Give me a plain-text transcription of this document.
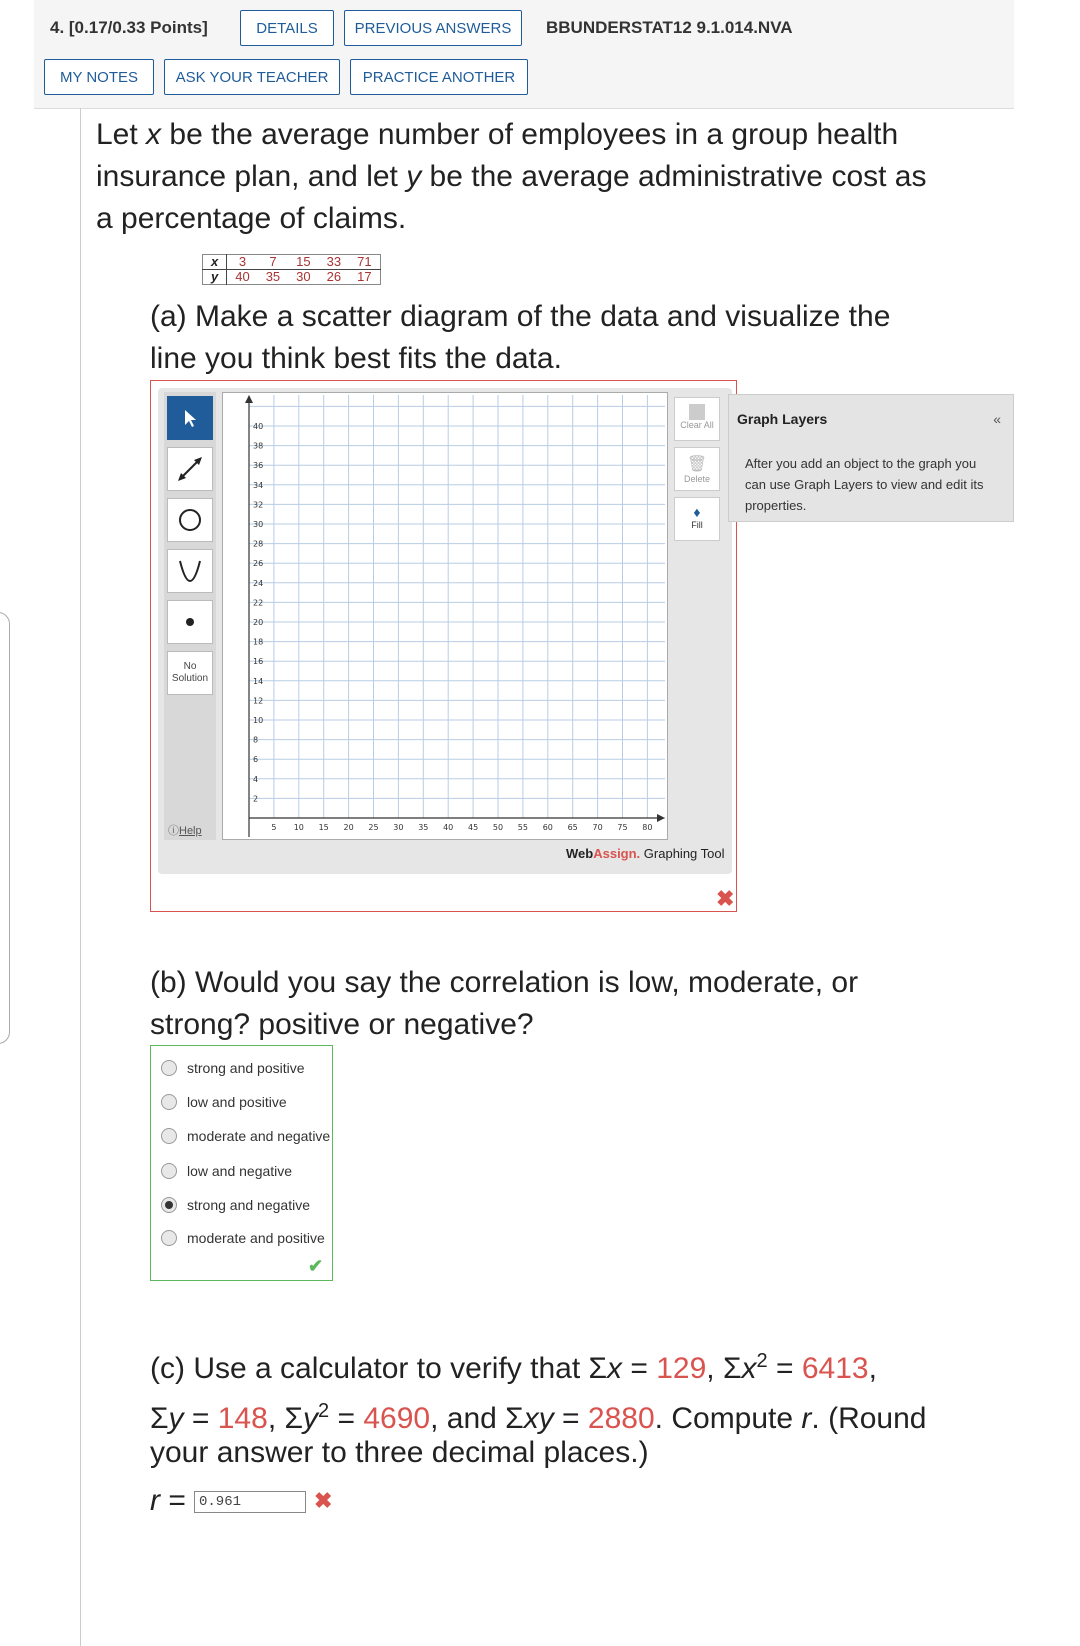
4. [0.17/0.33 Points]	DETAILS	PREVIOUS ANSWERS	BBUNDERSTAT12 9.1.014.NVA
MY NOTES	ASK YOUR TEACHER	PRACTICE ANOTHER
Let x be the average number of employees in a group health
insurance plan, and let y be the average administrative cost as
a percentage of claims.
x	3	7	15	33	71
y	40	35	30	26	17
(a) Make a scatter diagram of the data and visualize the
line you think best fits the data.
No
Solution
ⓘHelp	5 10 15 20 25 30 35 40 45 50 55 60 65 70 75 80
2
4
6
8
10
12
14
16
18
20
22
24
26
28
30
32
34
36
38
40	Clear All
🗑
Delete
♦
Fill
Graph Layers	«
After you add an object to the graph you can use Graph Layers to view and edit its properties.
WebAssign. Graphing Tool
✖
(b) Would you say the correlation is low, moderate, or
strong? positive or negative?
strong and positive
low and positive
moderate and negative
low and negative
strong and negative
moderate and positive
✔
(c) Use a calculator to verify that Σx = 129, $\Sigma x^2 = 6413$,
Σy = 148, $\Sigma y^2 = 4690$, and Σxy = 2880. Compute r. (Round
your answer to three decimal places.)
r = 0.961	✖
